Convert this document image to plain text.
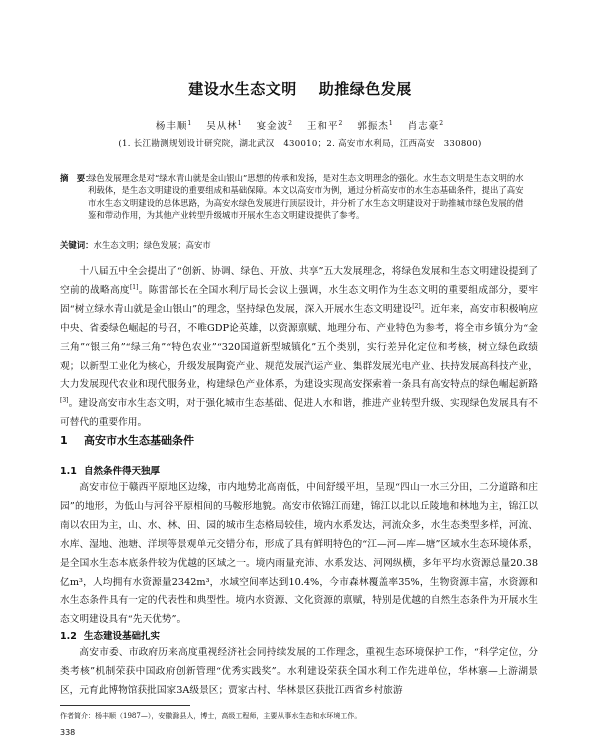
建设水生态文明 助推绿色发展
杨丰顺$^1$ 吴从林$^1$ 宴金波$^2$ 王和平$^2$ 郭振杰$^1$ 肖志豪$^2$
(1. 长江勘测规划设计研究院，湖北武汉　430010；2. 高安市水利局，江西高安　330800)
摘　要：
绿色发展理念是对“绿水青山就是金山银山”思想的传承和发扬，是对生态文明理念的强化。水生态文明是生态文明的水利载体，是生态文明建设的重要组成和基础保障。本文以高安市为例，通过分析高安市的水生态基础条件，提出了高安市水生态文明建设的总体思路，为高安水绿色发展进行顶层设计，并分析了水生态文明建设对于助推城市绿色发展的借鉴和带动作用，为其他产业转型升级城市开展水生态文明建设提供了参考。
关键词：水生态文明；绿色发展；高安市
十八届五中全会提出了“创新、协调、绿色、开放、共享”五大发展理念，将绿色发展和生态文明建设提到了空前的战略高度[1]。陈雷部长在全国水利厅局长会议上强调，水生态文明作为生态文明的重要组成部分，要牢固“树立绿水青山就是金山银山”的理念，坚持绿色发展，深入开展水生态文明建设[2]。近年来，高安市积极响应中央、省委绿色崛起的号召，不唯GDP论英雄，以资源禀赋、地理分布、产业特色为参考，将全市乡镇分为“金三角”“银三角”“绿三角”“特色农业”“320国道新型城镇化”五个类别，实行差异化定位和考核，树立绿色政绩观；以新型工业化为核心，升级发展陶瓷产业、规范发展汽运产业、集群发展光电产业、扶持发展高科技产业，大力发展现代农业和现代服务业，构建绿色产业体系，为建设实现高安探索着一条具有高安特点的绿色崛起新路[3]。建设高安市水生态文明，对于强化城市生态基础、促进人水和谐，推进产业转型升级、实现绿色发展具有不可替代的重要作用。
1 高安市水生态基础条件
1.1 自然条件得天独厚
高安市位于赣西平原地区边缘，市内地势北高南低，中间舒缓平坦，呈现“四山一水三分田，二分道路和庄园”的地形，为低山与河谷平原相间的马鞍形地貌。高安市依锦江而建，锦江以北以丘陵地和林地为主，锦江以南以农田为主，山、水、林、田、园的城市生态格局较佳，境内水系发达，河流众多，水生态类型多样，河流、水库、湿地、池塘、洋坝等景观单元交错分布，形成了具有鲜明特色的“江—河—库—塘”区域水生态环境体系，是全国水生态本底条件较为优越的区域之一。境内雨量充沛、水系发达、河网纵横，多年平均水资源总量20.38亿m³，人均拥有水资源量2342m³，水域空间率达到10.4%，今市森林覆盖率35%，生物资源丰富，水资源和水生态条件具有一定的代表性和典型性。境内水资源、文化资源的禀赋，特别是优越的自然生态条件为开展水生态文明建设具有“先天优势”。
1.2 生态建设基础扎实
高安市委、市政府历来高度重视经济社会同持续发展的工作理念，重视生态环境保护工作，“科学定位，分类考核”机制荣获中国政府创新管理“优秀实践奖”。水利建设荣获全国水利工作先进单位，华林寨—上游湖景区，元育此博物馆获批国家3A级景区；贾家古村、华林景区获批江西省乡村旅游
作者简介：杨丰顺（1987—），安徽滁县人，博士，高级工程师，主要从事水生态和水环境工作。
338
